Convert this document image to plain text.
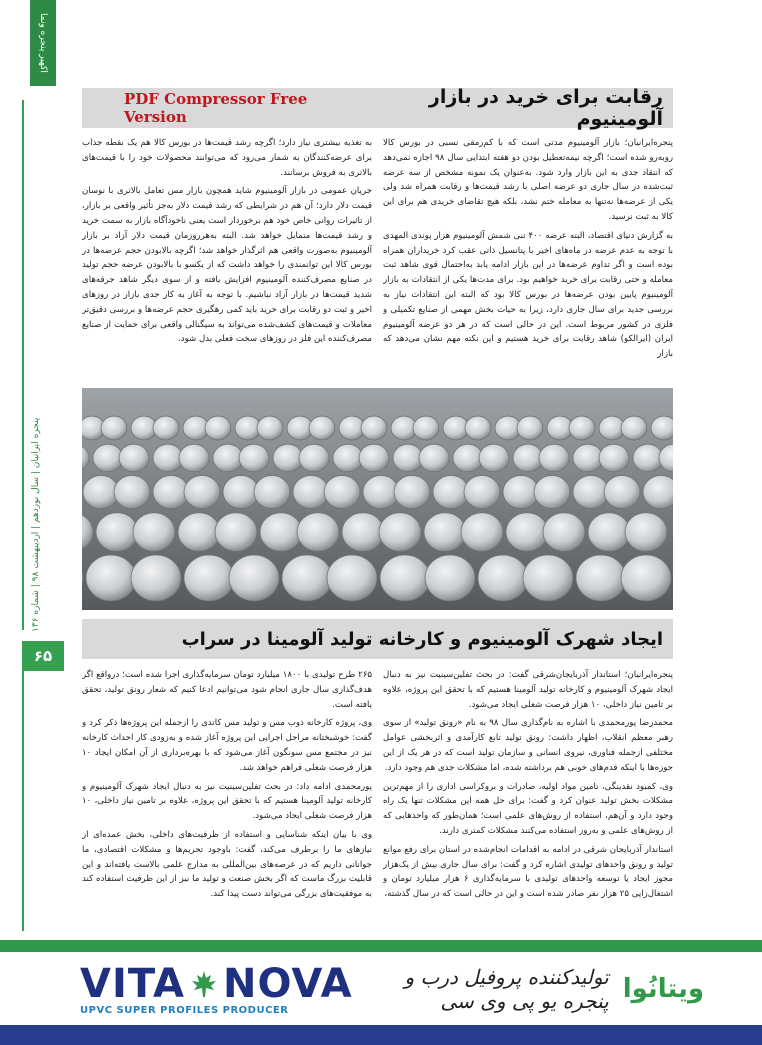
اکهیر پنجره ونما
پنجره ایرانیان | سال نوزدهم | اردیبهشت ۹۸ | شماره ۱۳۶
۶۵
PDF Compressor Free Version
رقابت برای خرید در بازار آلومینیوم

پنجره‌ایرانیان؛ بازار آلومینیوم مدتی است که با کم‌رمقی نسبی در بورس کالا روبه‌رو شده است؛ اگرچه نیمه‌تعطیل بودن دو هفته ابتدایی سال ۹۸ اجازه نمی‌دهد که انتقاد جدی به این بازار وارد شود. به‌عنوان یک نمونه مشخص از سه عرضه ثبت‌شده در سال جاری دو عرضه اصلی با رشد قیمت‌ها و رقابت همراه شد ولی یکی از عرضه‌ها نه‌تنها به معامله ختم نشد، بلکه هیچ تقاضای خریدی هم برای این کالا به ثبت نرسید.

به گزارش دنیای اقتصاد، البته عرضه ۴۰۰ تنی شمش آلومینیوم هزار پوندی المهدی با توجه به عدم عرضه در ماه‌های اخیر با پتانسیل ذاتی عقب کرد خریداران همراه بوده است و اگر تداوم عرضه‌ها در این بازار ادامه یابد به‌احتمال قوی شاهد ثبت معامله و حتی رقابت برای خرید خواهیم بود. برای مدت‌ها یکی از انتقادات به بازار آلومینیوم پایین بودن عرضه‌ها در بورس کالا بود که البته این انتقادات نیاز به بررسی جدید برای سال جاری دارد، زیرا به حیات بخش مهمی از صنایع تکمیلی و فلزی در کشور مربوط است. این در حالی است که در هر دو عرضه آلومینیوم ایران (ایرالکو) شاهد رقابت برای خرید هستیم و این نکته مهم نشان می‌دهد که بازار

به تغذیه بیشتری نیاز دارد؛ اگرچه رشد قیمت‌ها در بورس کالا هم یک نقطه جذاب برای عرضه‌کنندگان به شمار می‌رود که می‌توانند محصولات خود را با قیمت‌های بالاتری به فروش برسانند.

جریان عمومی در بازار آلومینیوم شاید همچون بازار مس تعامل بالاتری با نوسان قیمت دلار دارد؛ آن هم در شرایطی که رشد قیمت دلار به‌جز تأثیر واقعی بر بازار، از تاثیرات روانی خاص خود هم برخوردار است یعنی ناخودآگاه بازار به سمت خرید و رشد قیمت‌ها متمایل خواهد شد. البته به‌هرروزمان قیمت دلار آزاد بر بازار آلومینیوم به‌صورت واقعی هم اثرگذار خواهد شد؛ اگرچه بالابودن حجم عرضه‌ها در بورس کالا این توانمندی را خواهد داشت که از یکسو با بالابودن عرضه حجم تولید در صنایع مصرف‌کننده آلومینیوم افزایش یافته و از سوی دیگر شاهد جرقه‌های شدید قیمت‌ها در بازار آزاد نباشیم. با توجه به آغاز به کار جدی بازار در روزهای اخیر و ثبت دو رقابت برای خرید باید کمی رهگیری حجم عرضه‌ها و بررسی دقیق‌تر معاملات و قیمت‌های کشف‌شده می‌تواند به سیگنالی واقعی برای حمایت از صنایع مصرف‌کننده این فلز در روزهای سخت فعلی بدل شود.

ایجاد شهرک آلومینیوم و کارخانه تولید آلومینا در سراب

پنجره‌ایرانیان؛ استاندار آذربایجان‌شرقی گفت: در بحث تفلین‌سینیت نیز به دنبال ایجاد شهرک آلومینیوم و کارخانه تولید آلومینا هستیم که با تحقق این پروژه، علاوه بر تامین نیاز داخلی، ۱۰ هزار فرصت شغلی ایجاد می‌شود.

محمدرضا پورمحمدی با اشاره به نام‌گذاری سال ۹۸ به نام «رونق تولید» از سوی رهبر معظم انقلاب، اظهار داشت: رونق تولید تابع کارآمدی و اثربخشی عوامل مختلفی ازجمله فناوری، نیروی انسانی و سازمان تولید است که در هر یک از این حوزه‌ها با اینکه قدم‌های خوبی هم برداشته شده، اما مشکلات جدی هم وجود دارد.

وی، کمبود نقدینگی، تامین مواد اولیه، صادرات و بروکراسی اداری را از مهم‌ترین مشکلات بخش تولید عنوان کرد و گفت: برای حل همه این مشکلات تنها یک راه وجود دارد و آن‌هم، استفاده از روش‌های علمی است؛ همان‌طور که واحدهایی که از روش‌های علمی و به‌روز استفاده می‌کنند مشکلات کمتری دارند.

استاندار آذربایجان شرقی در ادامه به اقدامات انجام‌شده در استان برای رفع موانع تولید و رونق واحدهای تولیدی اشاره کرد و گفت: برای سال جاری بیش از یک‌هزار مجوز ایجاد یا توسعه واحدهای تولیدی با سرمایه‌گذاری ۶ هزار میلیارد تومان و اشتغال‌زایی ۲۵ هزار نفر صادر شده است و این در حالی است که در سال گذشته،

۲۶۵ طرح تولیدی با ۱۸۰۰ میلیارد تومان سرمایه‌گذاری اجرا شده است؛ درواقع اگر هدف‌گذاری سال جاری انجام شود می‌توانیم ادعا کنیم که شعار رونق تولید، تحقق یافته است.

وی، پروژه کارخانه ذوب مس و تولید مس کاتدی را ازجمله این پروژه‌ها ذکر کرد و گفت: خوشبختانه مراحل اجرایی این پروژه آغاز شده و به‌زودی کار احداث کارخانه نیز در مجتمع مس سونگون آغاز می‌شود که با بهره‌برداری از آن امکان ایجاد ۱۰ هزار فرصت شغلی فراهم خواهد شد.

پورمحمدی ادامه داد: در بحث تفلین‌سینیت نیز به دنبال ایجاد شهرک آلومینیوم و کارخانه تولید آلومینا هستیم که با تحقق این پروژه، علاوه بر تامین نیاز داخلی، ۱۰ هزار فرصت شغلی ایجاد می‌شود.

وی با بیان اینکه شناسایی و استفاده از ظرفیت‌های داخلی، بخش عمده‌ای از نیازهای ما را برطرف می‌کند، گفت: باوجود تحریم‌ها و مشکلات اقتصادی، ما جوانانی داریم که در عرصه‌های بین‌المللی به مدارج علمی بالاست یافته‌اند و این قابلیت بزرگ ماست که اگر بخش صنعت و تولید ما نیز از این ظرفیت استفاده کند به موفقیت‌های بزرگی می‌تواند دست پیدا کند.

VITA NOVA
UPVC SUPER PROFILES PRODUCER
تولیدکننده پروفیل درب و پنجره یو پی وی سی ویتانُوا
